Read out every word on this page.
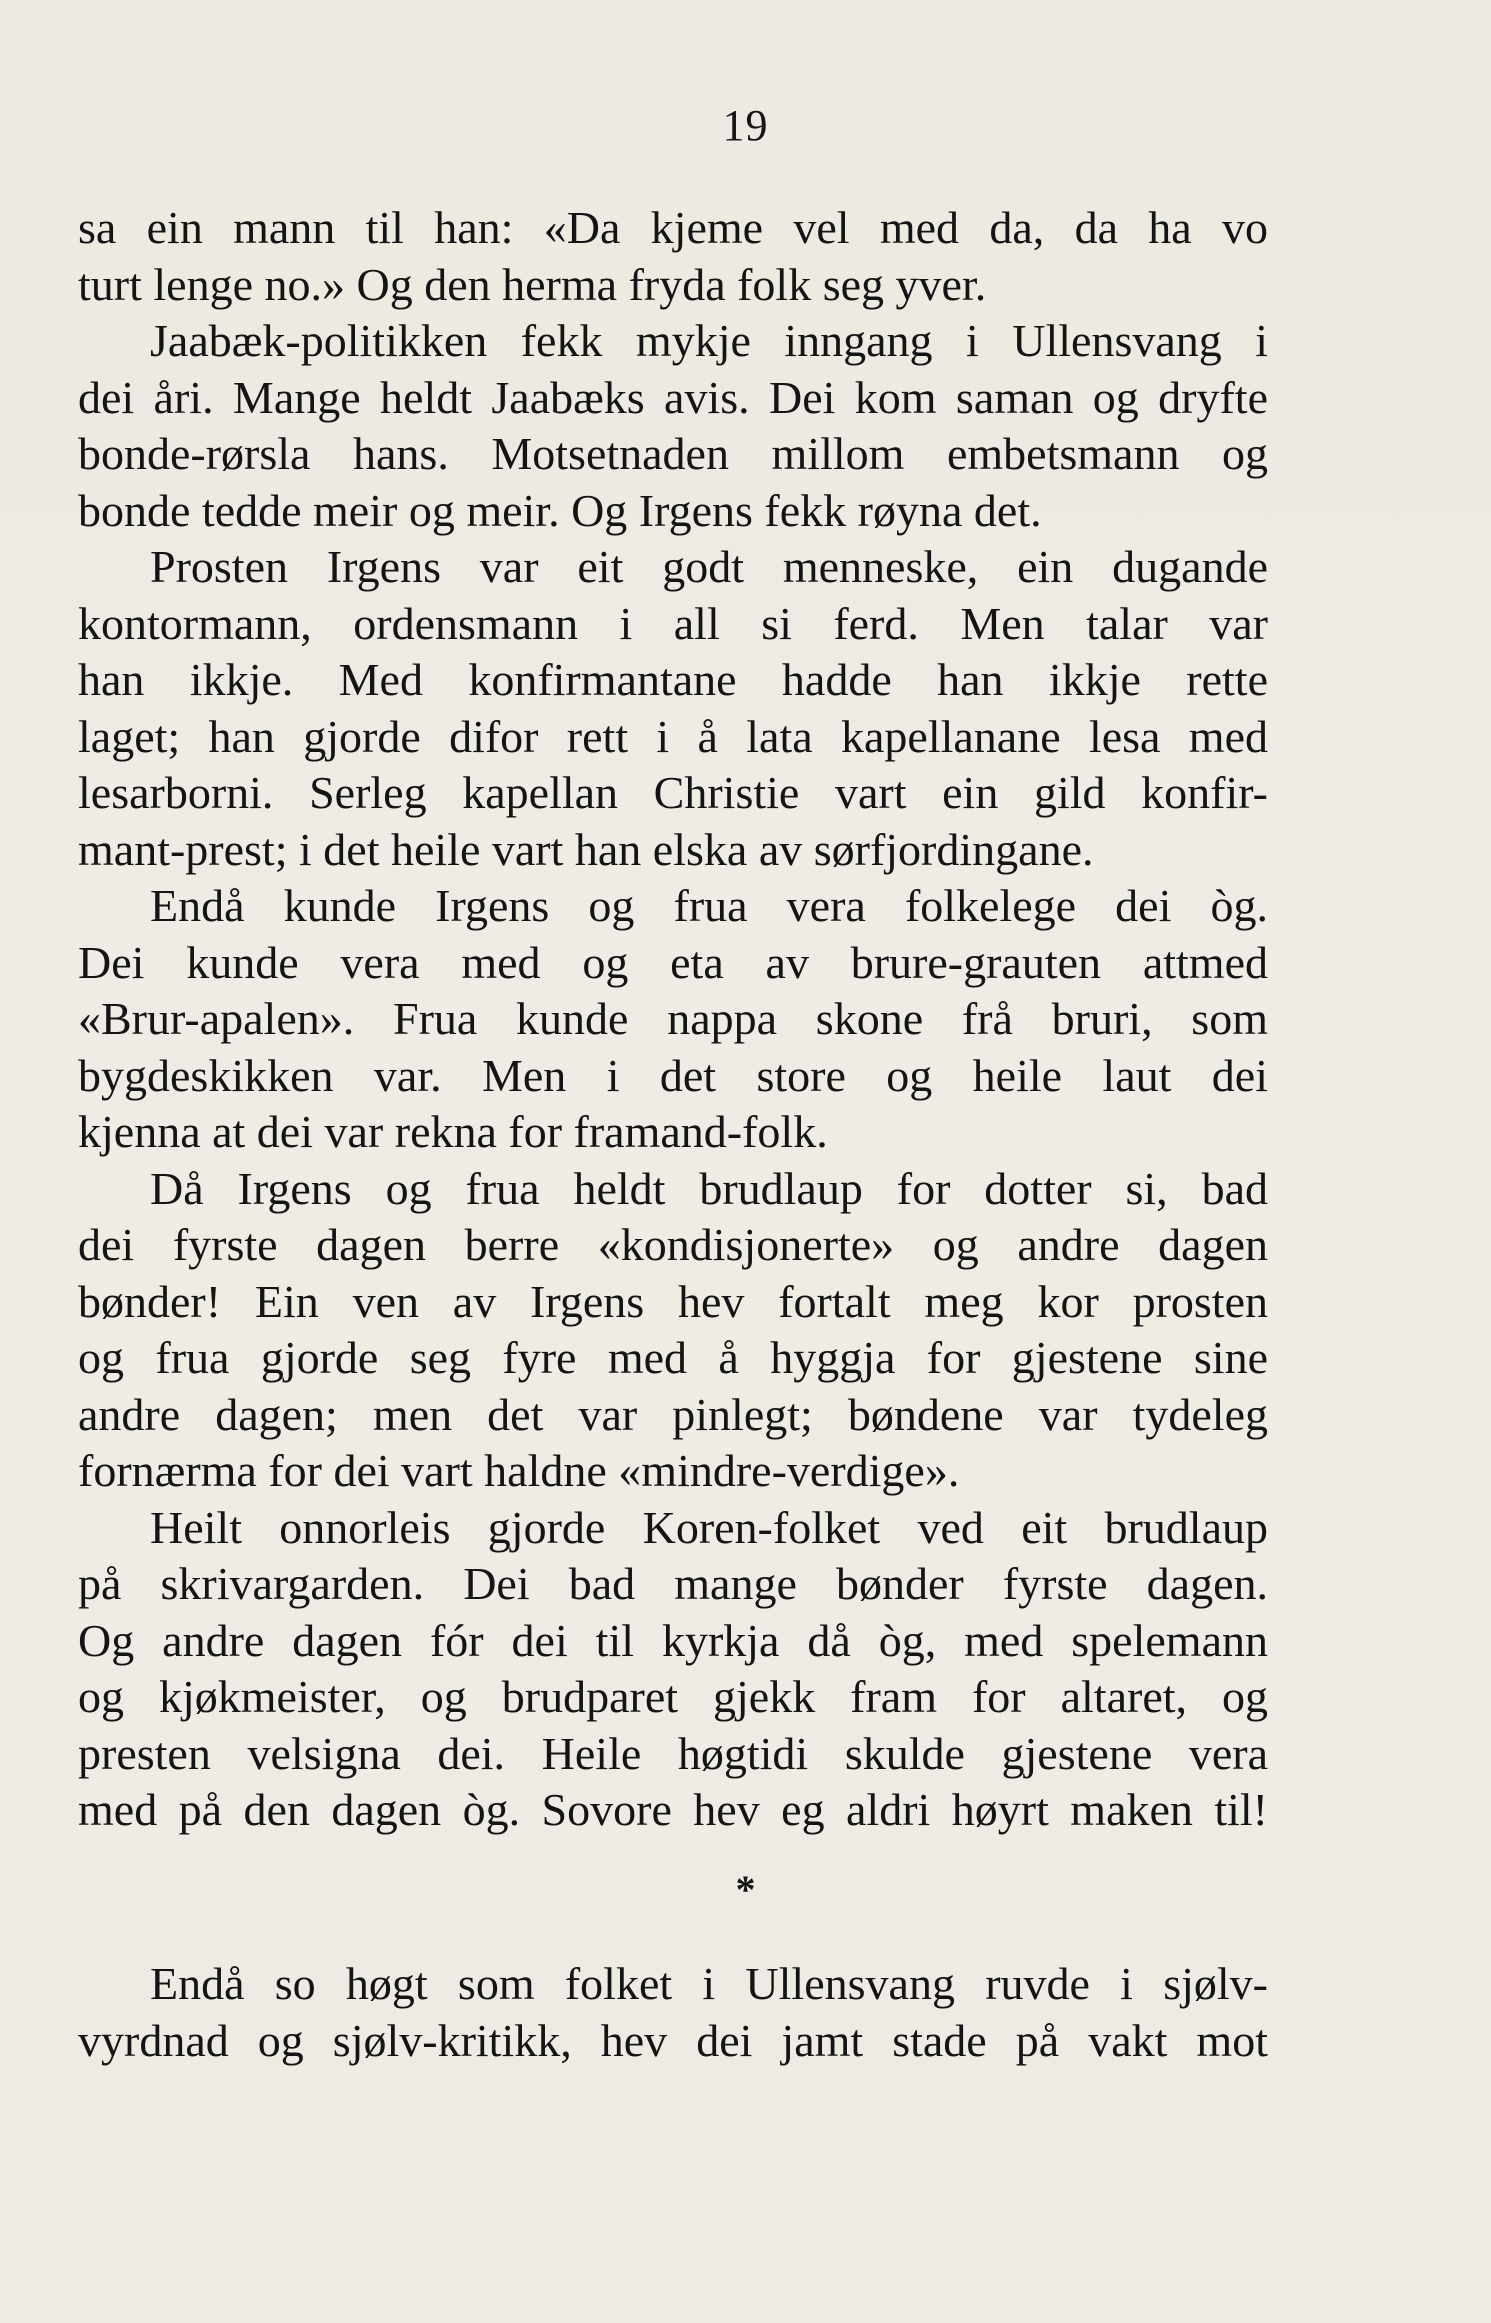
19
sa ein mann til han: «Da kjeme vel med da, da ha vo
turt lenge no.» Og den herma fryda folk seg yver.
Jaabæk-politikken fekk mykje inngang i Ullensvang i
dei åri. Mange heldt Jaabæks avis. Dei kom saman og dryfte
bonde-rørsla hans. Motsetnaden millom embetsmann og
bonde tedde meir og meir. Og Irgens fekk røyna det.
Prosten Irgens var eit godt menneske, ein dugande
kontormann, ordensmann i all si ferd. Men talar var
han ikkje. Med konfirmantane hadde han ikkje rette
laget; han gjorde difor rett i å lata kapellanane lesa med
lesarborni. Serleg kapellan Christie vart ein gild konfir-
mant-prest; i det heile vart han elska av sørfjordingane.
Endå kunde Irgens og frua vera folkelege dei òg.
Dei kunde vera med og eta av brure-grauten attmed
«Brur-apalen». Frua kunde nappa skone frå bruri, som
bygdeskikken var. Men i det store og heile laut dei
kjenna at dei var rekna for framand-folk.
Då Irgens og frua heldt brudlaup for dotter si, bad
dei fyrste dagen berre «kondisjonerte» og andre dagen
bønder! Ein ven av Irgens hev fortalt meg kor prosten
og frua gjorde seg fyre med å hyggja for gjestene sine
andre dagen; men det var pinlegt; bøndene var tydeleg
fornærma for dei vart haldne «mindre-verdige».
Heilt onnorleis gjorde Koren-folket ved eit brudlaup
på skrivargarden. Dei bad mange bønder fyrste dagen.
Og andre dagen fór dei til kyrkja då òg, med spelemann
og kjøkmeister, og brudparet gjekk fram for altaret, og
presten velsigna dei. Heile høgtidi skulde gjestene vera
med på den dagen òg. Sovore hev eg aldri høyrt maken til!
*
Endå so høgt som folket i Ullensvang ruvde i sjølv-
vyrdnad og sjølv-kritikk, hev dei jamt stade på vakt mot
